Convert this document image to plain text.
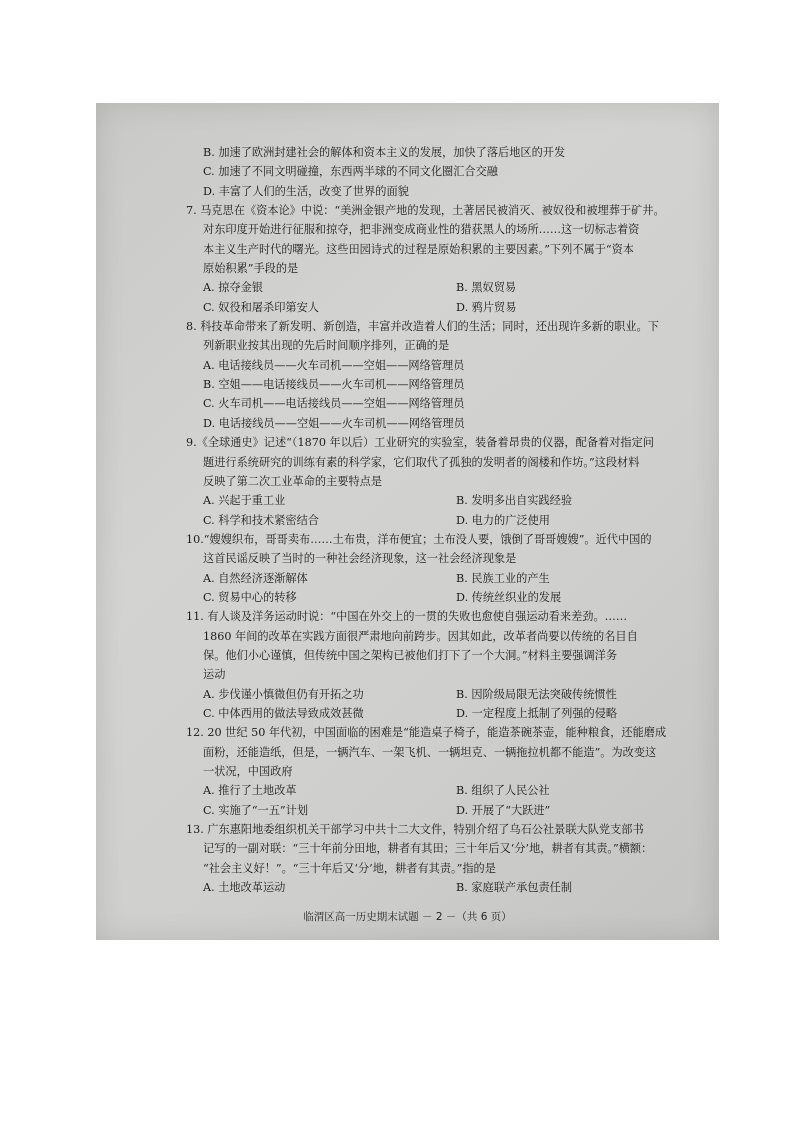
B. 加速了欧洲封建社会的解体和资本主义的发展，加快了落后地区的开发
C. 加速了不同文明碰撞，东西两半球的不同文化圈汇合交融
D. 丰富了人们的生活，改变了世界的面貌
7. 马克思在《资本论》中说：“美洲金银产地的发现，土著居民被消灭、被奴役和被埋葬于矿井。
对东印度开始进行征服和掠夺，把非洲变成商业性的猎获黑人的场所……这一切标志着资
本主义生产时代的曙光。这些田园诗式的过程是原始积累的主要因素。”下列不属于“资本
原始积累”手段的是
A. 掠夺金银	B. 黑奴贸易
C. 奴役和屠杀印第安人	D. 鸦片贸易
8. 科技革命带来了新发明、新创造，丰富并改造着人们的生活；同时，还出现许多新的职业。下
列新职业按其出现的先后时间顺序排列，正确的是
A. 电话接线员——火车司机——空姐——网络管理员
B. 空姐——电话接线员——火车司机——网络管理员
C. 火车司机——电话接线员——空姐——网络管理员
D. 电话接线员——空姐——火车司机——网络管理员
9.《全球通史》记述“（1870 年以后）工业研究的实验室，装备着昂贵的仪器，配备着对指定问
题进行系统研究的训练有素的科学家，它们取代了孤独的发明者的阁楼和作坊。”这段材料
反映了第二次工业革命的主要特点是
A. 兴起于重工业	B. 发明多出自实践经验
C. 科学和技术紧密结合	D. 电力的广泛使用
10.“嫂嫂织布，哥哥卖布……土布贵，洋布便宜；土布没人要，饿倒了哥哥嫂嫂”。近代中国的
这首民谣反映了当时的一种社会经济现象，这一社会经济现象是
A. 自然经济逐渐解体	B. 民族工业的产生
C. 贸易中心的转移	D. 传统丝织业的发展
11. 有人谈及洋务运动时说：“中国在外交上的一贯的失败也愈使自强运动看来差劲。……
1860 年间的改革在实践方面很严肃地向前跨步。因其如此，改革者尚要以传统的名目自
保。他们小心谨慎，但传统中国之架构已被他们打下了一个大洞。”材料主要强调洋务
运动
A. 步伐谨小慎微但仍有开拓之功	B. 因阶级局限无法突破传统惯性
C. 中体西用的做法导致成效甚微	D. 一定程度上抵制了列强的侵略
12. 20 世纪 50 年代初，中国面临的困难是“能造桌子椅子，能造茶碗茶壶，能种粮食，还能磨成
面粉，还能造纸，但是，一辆汽车、一架飞机、一辆坦克、一辆拖拉机都不能造”。为改变这
一状况，中国政府
A. 推行了土地改革	B. 组织了人民公社
C. 实施了“一五”计划	D. 开展了“大跃进”
13. 广东惠阳地委组织机关干部学习中共十二大文件，特别介绍了乌石公社景联大队党支部书
记写的一副对联：“三十年前分田地，耕者有其田；三十年后又‘分’地，耕者有其责。”横额：
“社会主义好！”。“三十年后又‘分’地，耕者有其责。”指的是
A. 土地改革运动	B. 家庭联产承包责任制
临渭区高一历史期末试题 － 2 －（共 6 页）
